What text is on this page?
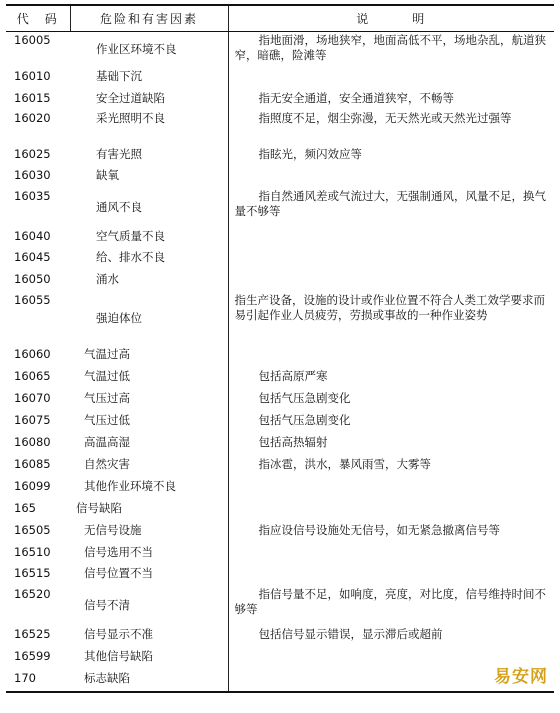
代　码	危险和有害因素	说　　　明
16005	作业区环境不良	指地面滑，场地狭窄，地面高低不平，场地杂乱，航道狭窄，暗礁，险滩等
16010	基础下沉	
16015	安全过道缺陷	指无安全通道，安全通道狭窄，不畅等
16020	采光照明不良	指照度不足，烟尘弥漫，无天然光或天然光过强等
16025	有害光照	指眩光，频闪效应等
16030	缺氧	
16035	通风不良	指自然通风差或气流过大，无强制通风，风量不足，换气量不够等
16040	空气质量不良	
16045	给、排水不良	
16050	涌水	
16055	强迫体位	指生产设备，设施的设计或作业位置不符合人类工效学要求而易引起作业人员疲劳，劳损或事故的一种作业姿势
16060	气温过高	
16065	气温过低	包括高原严寒
16070	气压过高	包括气压急剧变化
16075	气压过低	包括气压急剧变化
16080	高温高湿	包括高热辐射
16085	自然灾害	指冰雹，洪水，暴风雨雪，大雾等
16099	其他作业环境不良	
165	信号缺陷	
16505	无信号设施	指应设信号设施处无信号，如无紧急撤离信号等
16510	信号选用不当	
16515	信号位置不当	
16520	信号不清	指信号量不足，如响度，亮度，对比度，信号维持时间不够等
16525	信号显示不准	包括信号显示错误，显示滞后或超前
16599	其他信号缺陷	
170	标志缺陷		易安网
